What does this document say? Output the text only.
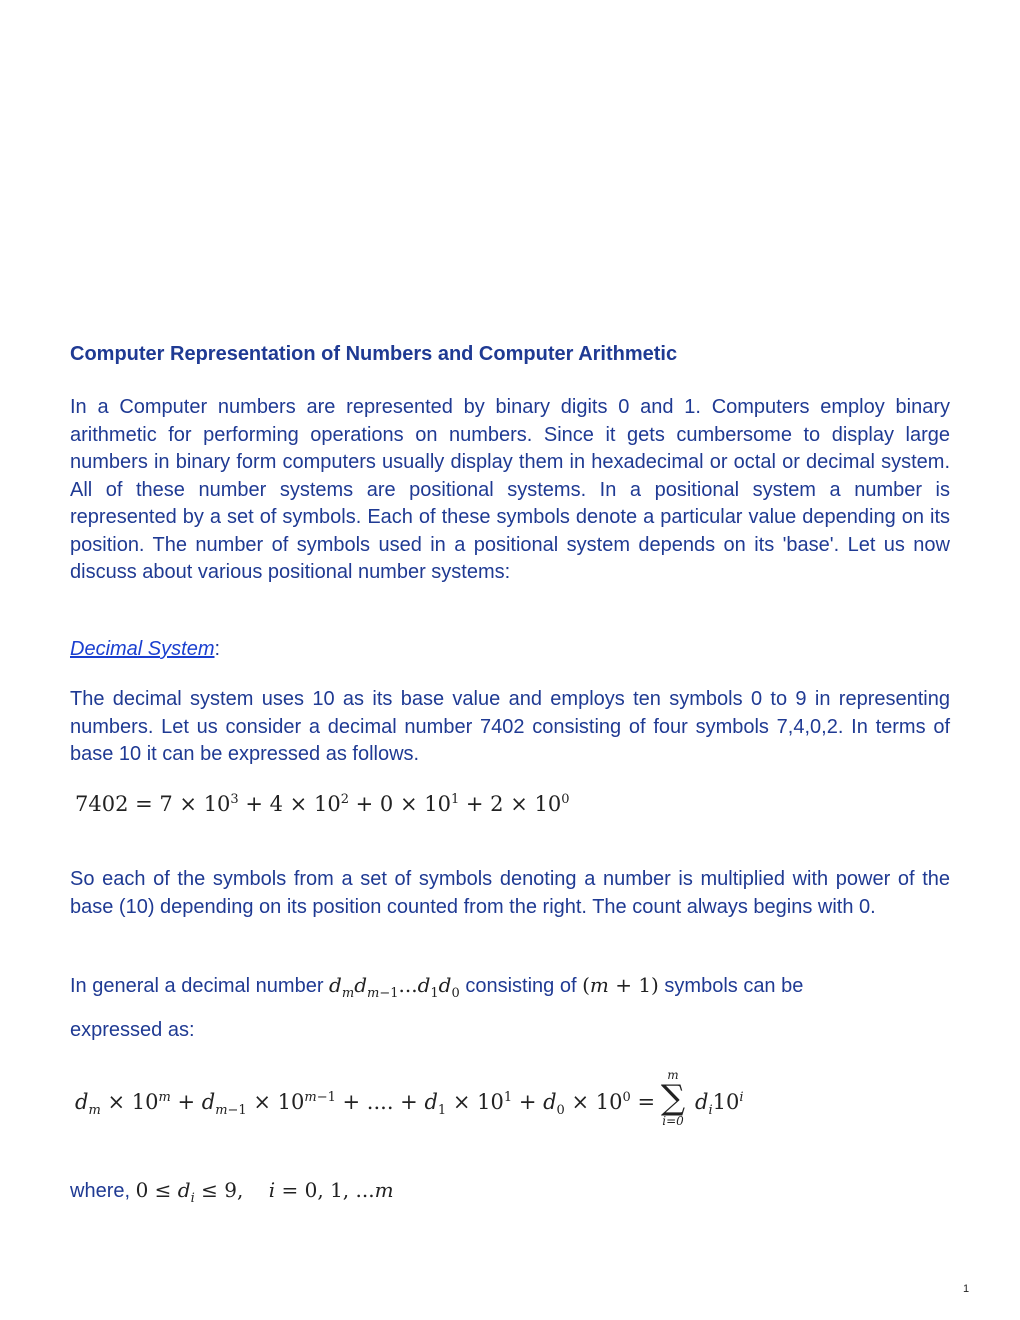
Computer Representation of Numbers and Computer Arithmetic

In a Computer numbers are represented by binary digits 0 and 1. Computers employ binary arithmetic for performing operations on numbers. Since it gets cumbersome to display large numbers in binary form computers usually display them in hexadecimal or octal or decimal system. All of these number systems are positional systems. In a positional system a number is represented by a set of symbols. Each of these symbols denote a particular value depending on its position. The number of symbols used in a positional system depends on its 'base'. Let us now discuss about various positional number systems:

Decimal System:

The decimal system uses 10 as its base value and employs ten symbols 0 to 9 in representing numbers. Let us consider a decimal number 7402 consisting of four symbols 7,4,0,2. In terms of base 10 it can be expressed as follows.

$7402 = 7 \times 10^3 + 4 \times 10^2 + 0 \times 10^1 + 2 \times 10^0$

So each of the symbols from a set of symbols denoting a number is multiplied with power of the base (10) depending on its position counted from the right. The count always begins with 0.

In general a decimal number $d_md_{m-1}...d_1d_0$ consisting of (m + 1) symbols can be

expressed as:

$d_m \times 10^m + d_{m-1} \times 10^{m-1}$ + .... + $d_1 \times 10^1 + d_0 \times 10^0$ =
m
∑
i=0
$d_i10^i$

where, $0 \le d_i \le 9$,    i = 0, 1, ...m

1
